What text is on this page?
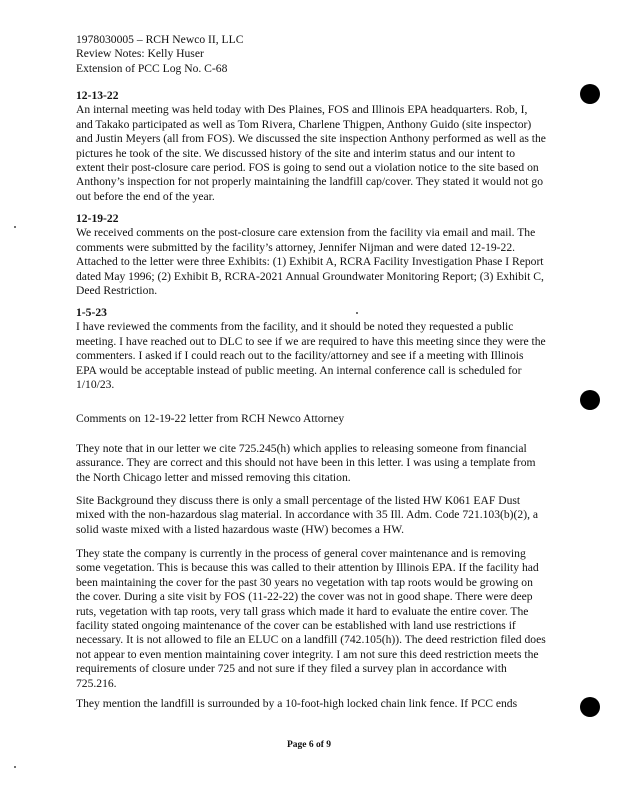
1978030005 – RCH Newco II, LLC
Review Notes: Kelly Huser
Extension of PCC Log No. C-68
12-13-22

An internal meeting was held today with Des Plaines, FOS and Illinois EPA headquarters. Rob, I, and Takako participated as well as Tom Rivera, Charlene Thigpen, Anthony Guido (site inspector) and Justin Meyers (all from FOS). We discussed the site inspection Anthony performed as well as the pictures he took of the site. We discussed history of the site and interim status and our intent to extent their post-closure care period. FOS is going to send out a violation notice to the site based on Anthony’s inspection for not properly maintaining the landfill cap/cover. They stated it would not go out before the end of the year.

12-19-22

We received comments on the post-closure care extension from the facility via email and mail. The comments were submitted by the facility’s attorney, Jennifer Nijman and were dated 12-19-22. Attached to the letter were three Exhibits: (1) Exhibit A, RCRA Facility Investigation Phase I Report dated May 1996; (2) Exhibit B, RCRA-2021 Annual Groundwater Monitoring Report; (3) Exhibit C, Deed Restriction.

1-5-23

I have reviewed the comments from the facility, and it should be noted they requested a public meeting. I have reached out to DLC to see if we are required to have this meeting since they were the commenters. I asked if I could reach out to the facility/attorney and see if a meeting with Illinois EPA would be acceptable instead of public meeting. An internal conference call is scheduled for 1/10/23.

Comments on 12-19-22 letter from RCH Newco Attorney

They note that in our letter we cite 725.245(h) which applies to releasing someone from financial assurance. They are correct and this should not have been in this letter. I was using a template from the North Chicago letter and missed removing this citation.

Site Background they discuss there is only a small percentage of the listed HW K061 EAF Dust mixed with the non-hazardous slag material. In accordance with 35 Ill. Adm. Code 721.103(b)(2), a solid waste mixed with a listed hazardous waste (HW) becomes a HW.

They state the company is currently in the process of general cover maintenance and is removing some vegetation. This is because this was called to their attention by Illinois EPA. If the facility had been maintaining the cover for the past 30 years no vegetation with tap roots would be growing on the cover. During a site visit by FOS (11-22-22) the cover was not in good shape. There were deep ruts, vegetation with tap roots, very tall grass which made it hard to evaluate the entire cover. The facility stated ongoing maintenance of the cover can be established with land use restrictions if necessary. It is not allowed to file an ELUC on a landfill (742.105(h)). The deed restriction filed does not appear to even mention maintaining cover integrity. I am not sure this deed restriction meets the requirements of closure under 725 and not sure if they filed a survey plan in accordance with 725.216.

They mention the landfill is surrounded by a 10-foot-high locked chain link fence. If PCC ends

Page 6 of 9
